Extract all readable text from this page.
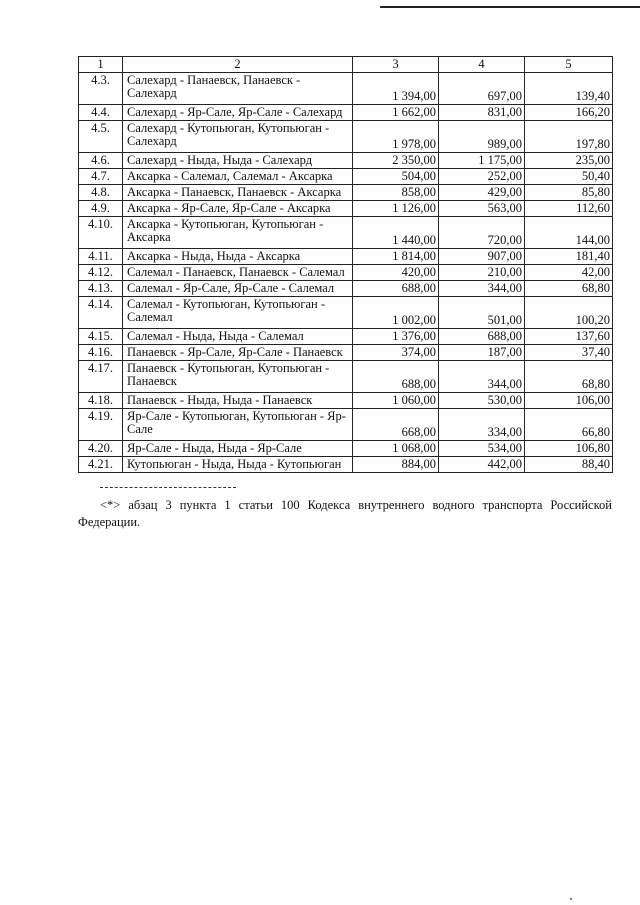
1	2	3	4	5
4.3.	Салехард - Панаевск, Панаевск - Салехард	1 394,00	697,00	139,40
4.4.	Салехард - Яр-Сале, Яр-Сале - Салехард	1 662,00	831,00	166,20
4.5.	Салехард - Кутопьюган, Кутопьюган - Салехард	1 978,00	989,00	197,80
4.6.	Салехард - Ныда, Ныда - Салехард	2 350,00	1 175,00	235,00
4.7.	Аксарка - Салемал, Салемал - Аксарка	504,00	252,00	50,40
4.8.	Аксарка - Панаевск, Панаевск - Аксарка	858,00	429,00	85,80
4.9.	Аксарка - Яр-Сале, Яр-Сале - Аксарка	1 126,00	563,00	112,60
4.10.	Аксарка - Кутопьюган, Кутопьюган - Аксарка	1 440,00	720,00	144,00
4.11.	Аксарка - Ныда, Ныда - Аксарка	1 814,00	907,00	181,40
4.12.	Салемал - Панаевск, Панаевск - Салемал	420,00	210,00	42,00
4.13.	Салемал - Яр-Сале, Яр-Сале - Салемал	688,00	344,00	68,80
4.14.	Салемал - Кутопьюган, Кутопьюган - Салемал	1 002,00	501,00	100,20
4.15.	Салемал - Ныда, Ныда - Салемал	1 376,00	688,00	137,60
4.16.	Панаевск - Яр-Сале, Яр-Сале - Панаевск	374,00	187,00	37,40
4.17.	Панаевск - Кутопьюган, Кутопьюган - Панаевск	688,00	344,00	68,80
4.18.	Панаевск - Ныда, Ныда - Панаевск	1 060,00	530,00	106,00
4.19.	Яр-Сале - Кутопьюган, Кутопьюган - Яр-Сале	668,00	334,00	66,80
4.20.	Яр-Сале - Ныда, Ныда - Яр-Сале	1 068,00	534,00	106,80
4.21.	Кутопьюган - Ныда, Ныда - Кутопьюган	884,00	442,00	88,40

<*> абзац 3 пункта 1 статьи 100 Кодекса внутреннего водного транспорта Российской Федерации.
